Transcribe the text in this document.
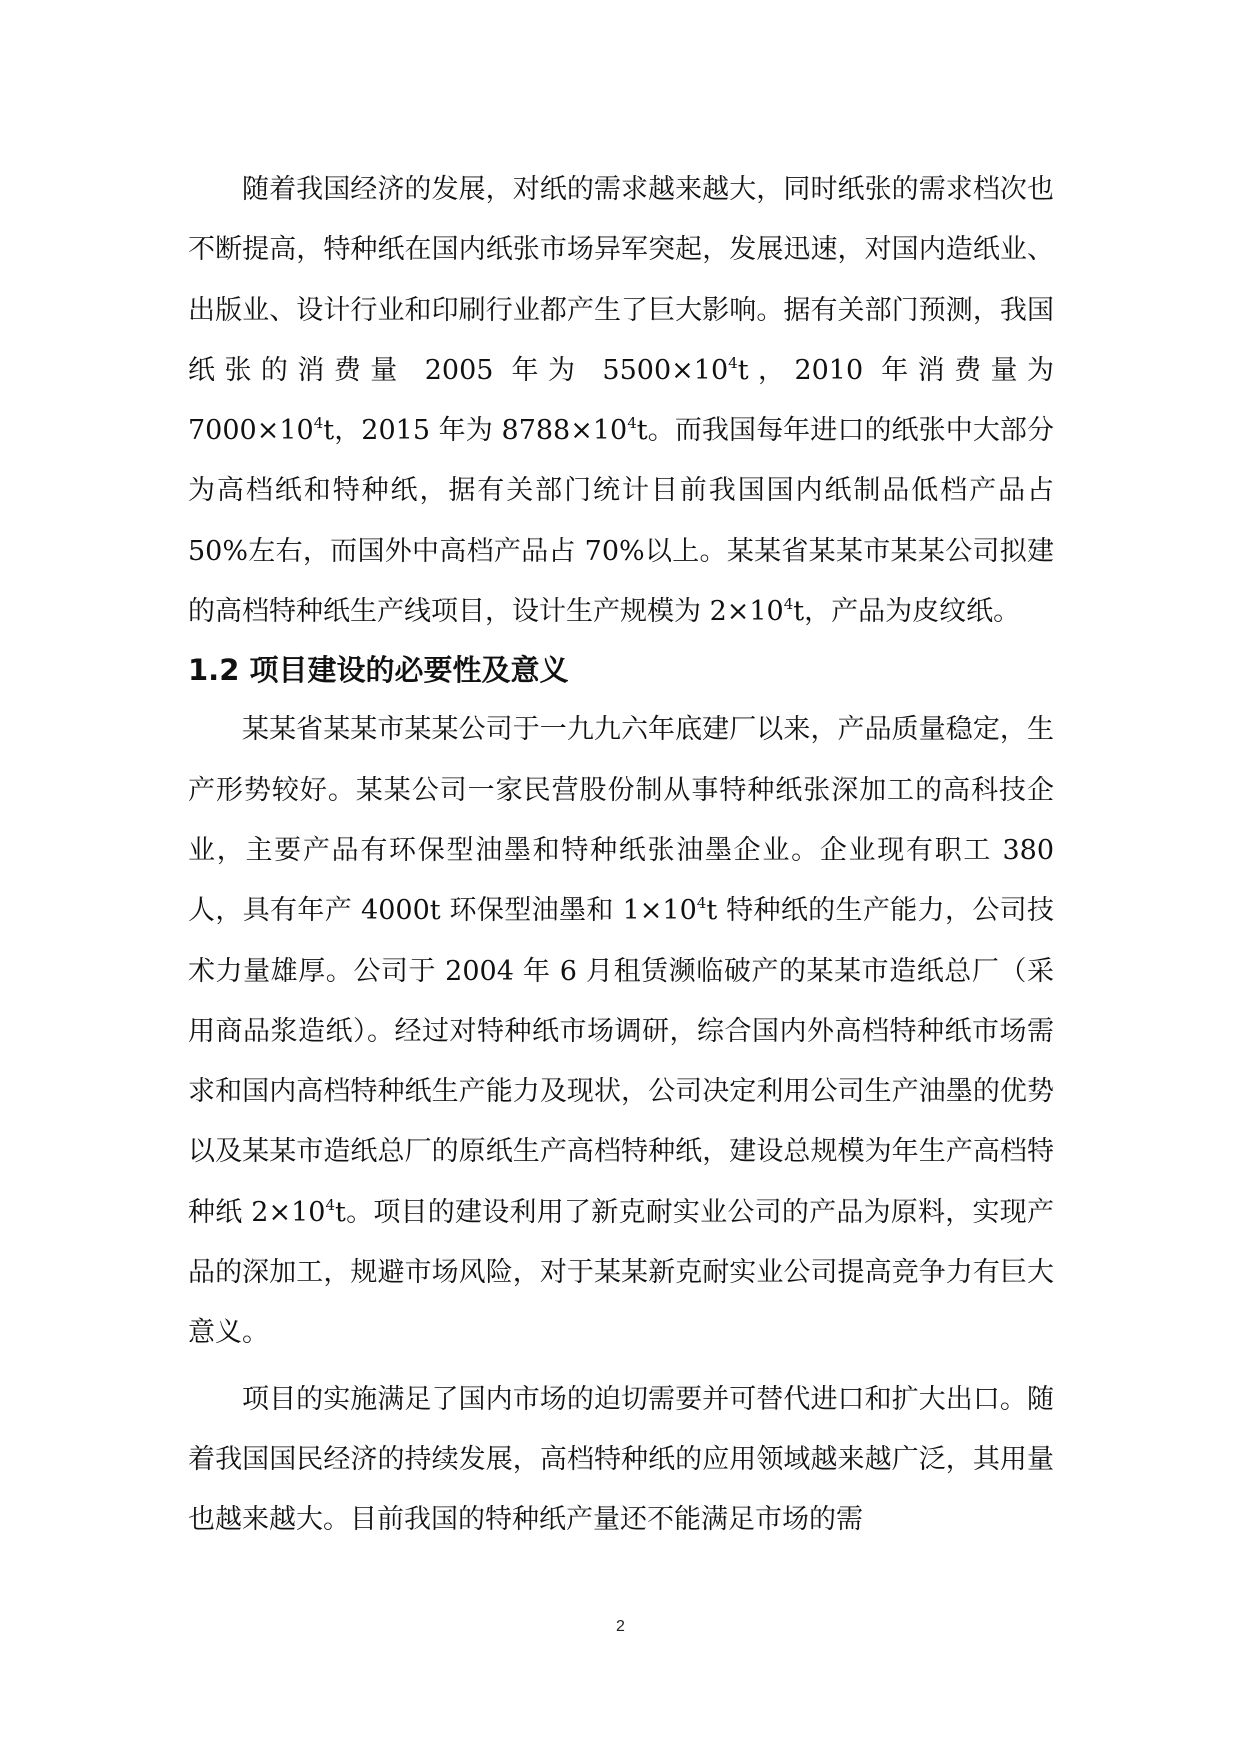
随着我国经济的发展，对纸的需求越来越大，同时纸张的需求档次也不断提高，特种纸在国内纸张市场异军突起，发展迅速，对国内造纸业、出版业、设计行业和印刷行业都产生了巨大影响。据有关部门预测，我国纸张的消费量 2005 年为 $5500\times 10^4t$，2010 年消费量为$7000\times 10^4t$，2015 年为 $8788\times 10^4t$。而我国每年进口的纸张中大部分为高档纸和特种纸，据有关部门统计目前我国国内纸制品低档产品占 50%左右，而国外中高档产品占 70%以上。某某省某某市某某公司拟建的高档特种纸生产线项目，设计生产规模为 $2\times 10^4t$，产品为皮纹纸。

1.2 项目建设的必要性及意义

某某省某某市某某公司于一九九六年底建厂以来，产品质量稳定，生产形势较好。某某公司一家民营股份制从事特种纸张深加工的高科技企业，主要产品有环保型油墨和特种纸张油墨企业。企业现有职工 380 人，具有年产 4000t 环保型油墨和 $1\times 10^4t$ 特种纸的生产能力，公司技术力量雄厚。公司于 2004 年 6 月租赁濒临破产的某某市造纸总厂（采用商品浆造纸）。经过对特种纸市场调研，综合国内外高档特种纸市场需求和国内高档特种纸生产能力及现状，公司决定利用公司生产油墨的优势以及某某市造纸总厂的原纸生产高档特种纸，建设总规模为年生产高档特种纸 $2\times 10^4t$。项目的建设利用了新克耐实业公司的产品为原料，实现产品的深加工，规避市场风险，对于某某新克耐实业公司提高竞争力有巨大意义。

项目的实施满足了国内市场的迫切需要并可替代进口和扩大出口。随着我国国民经济的持续发展，高档特种纸的应用领域越来越广泛，其用量也越来越大。目前我国的特种纸产量还不能满足市场的需

2
